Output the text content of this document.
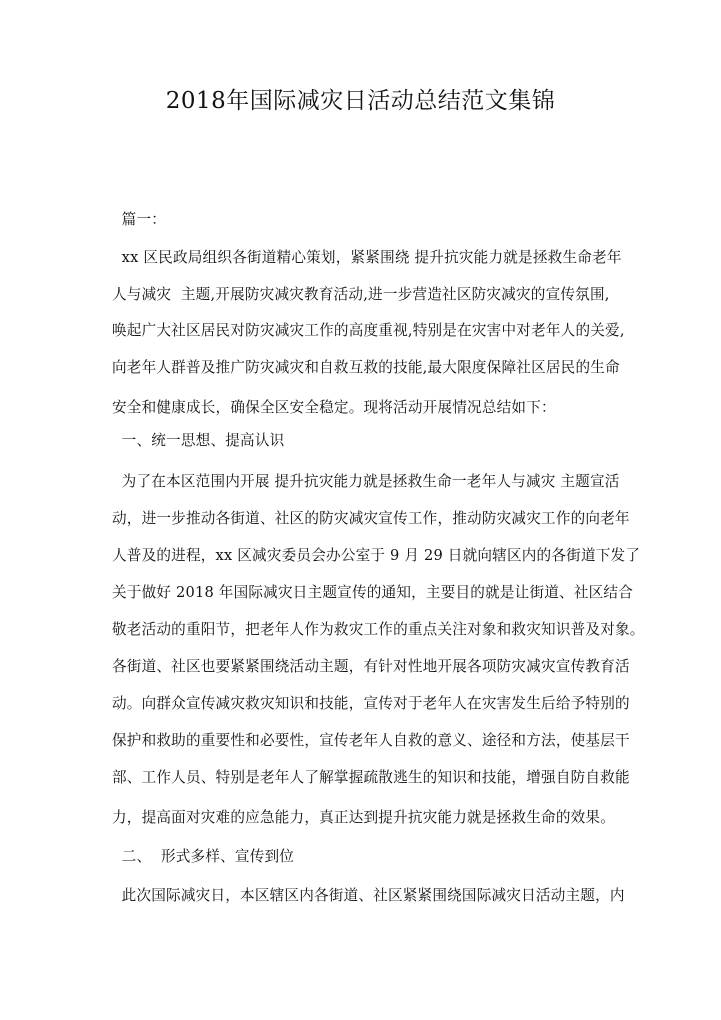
2018年国际减灾日活动总结范文集锦
篇一：
xx 区民政局组织各街道精心策划，紧紧围绕 提升抗灾能力就是拯救生命老年
人与减灾  主题,开展防灾减灾教育活动,进一步营造社区防灾减灾的宣传氛围,
唤起广大社区居民对防灾减灾工作的高度重视,特别是在灾害中对老年人的关爱,
向老年人群普及推广防灾减灾和自救互救的技能,最大限度保障社区居民的生命
安全和健康成长，确保全区安全稳定。现将活动开展情况总结如下：
一、统一思想、提高认识
为了在本区范围内开展 提升抗灾能力就是拯救生命一老年人与减灾 主题宣活
动，进一步推动各街道、社区的防灾减灾宣传工作，推动防灾减灾工作的向老年
人普及的进程，xx 区减灾委员会办公室于 9 月 29 日就向辖区内的各街道下发了
关于做好 2018 年国际减灾日主题宣传的通知，主要目的就是让街道、社区结合
敬老活动的重阳节，把老年人作为救灾工作的重点关注对象和救灾知识普及对象。
各街道、社区也要紧紧围绕活动主题，有针对性地开展各项防灾减灾宣传教育活
动。向群众宣传减灾救灾知识和技能，宣传对于老年人在灾害发生后给予特别的
保护和救助的重要性和必要性，宣传老年人自救的意义、途径和方法，使基层干
部、工作人员、特别是老年人了解掌握疏散逃生的知识和技能，增强自防自救能
力，提高面对灾难的应急能力，真正达到提升抗灾能力就是拯救生命的效果。
二、  形式多样、宣传到位
此次国际减灾日，本区辖区内各街道、社区紧紧围绕国际减灾日活动主题，内
